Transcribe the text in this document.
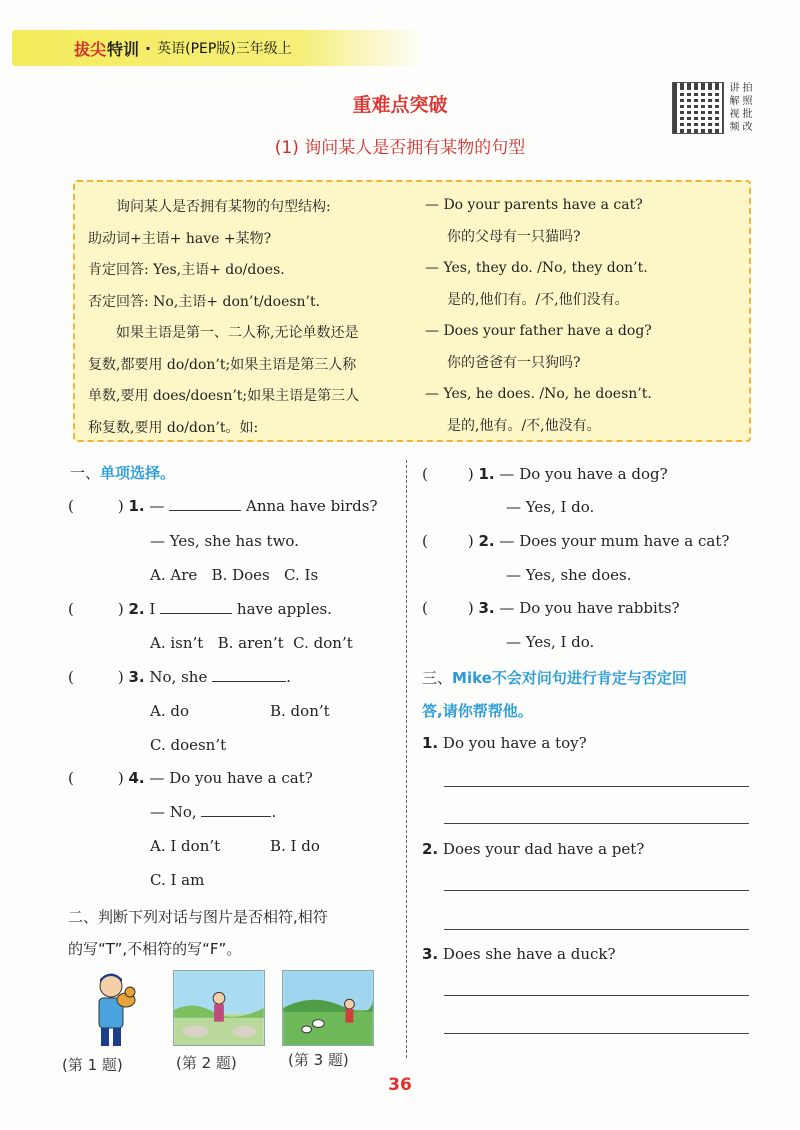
拔尖 特训 · 英语(PEP版)三年级上
重难点突破
(1) 询问某人是否拥有某物的句型
讲 拍
解 照
视 批
频 改
询问某人是否拥有某物的句型结构:
助动词+主语+ have +某物?
肯定回答: Yes,主语+ do/does.
否定回答: No,主语+ don’t/doesn’t.
如果主语是第一、二人称,无论单数还是
复数,都要用 do/don’t;如果主语是第三人称
单数,要用 does/doesn’t;如果主语是第三人
称复数,要用 do/don’t。如:
— Do your parents have a cat?
你的父母有一只猫吗?
— Yes, they do. /No, they don’t.
是的,他们有。/不,他们没有。
— Does your father have a dog?
你的爸爸有一只狗吗?
— Yes, he does. /No, he doesn’t.
是的,他有。/不,他没有。
一、单项选择。
(	) 1. —	Anna have birds?
— Yes, she has two.
A. Are   B. Does   C. Is
(	) 2. I	have apples.
A. isn’t   B. aren’t  C. don’t
(	) 3. No, she	.
A. do	B. don’t
C. doesn’t
(	) 4. — Do you have a cat?
— No,	.
A. I don’t	B. I do
C. I am
二、判断下列对话与图片是否相符,相符
的写“T”,不相符的写“F”。
(第 1 题)	(第 2 题)	(第 3 题)
(	) 1. — Do you have a dog?
— Yes, I do.
(	) 2. — Does your mum have a cat?
— Yes, she does.
(	) 3. — Do you have rabbits?
— Yes, I do.
三、Mike不会对问句进行肯定与否定回
答,请你帮帮他。
1. Do you have a toy?
2. Does your dad have a pet?
3. Does she have a duck?
36
